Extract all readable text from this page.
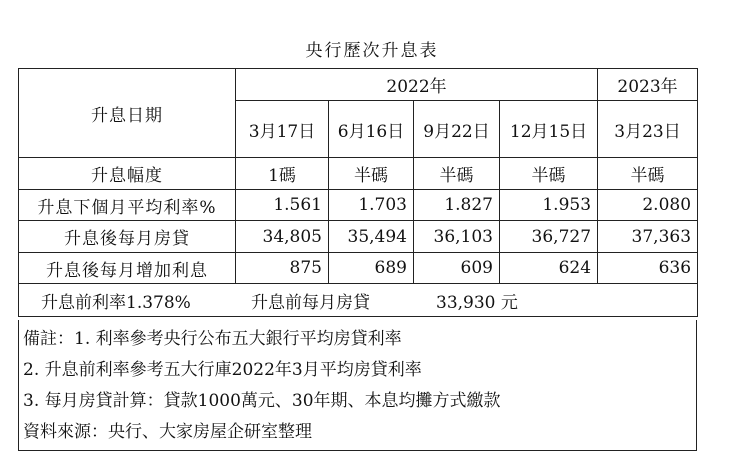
央行歷次升息表
升息日期	2022年				2023年
	3月17日	6月16日	9月22日	12月15日	3月23日
升息幅度	1碼	半碼	半碼	半碼	半碼
升息下個月平均利率%	1.561	1.703	1.827	1.953	2.080
升息後每月房貸	34,805	35,494	36,103	36,727	37,363
升息後每月增加利息	875	689	609	624	636
升息前利率1.378% 升息前每月房貸 33,930 元					
備註：1. 利率參考央行公布五大銀行平均房貸利率
2. 升息前利率參考五大行庫2022年3月平均房貸利率
3. 每月房貸計算：貸款1000萬元、30年期、本息均攤方式繳款
資料來源：央行、大家房屋企研室整理
